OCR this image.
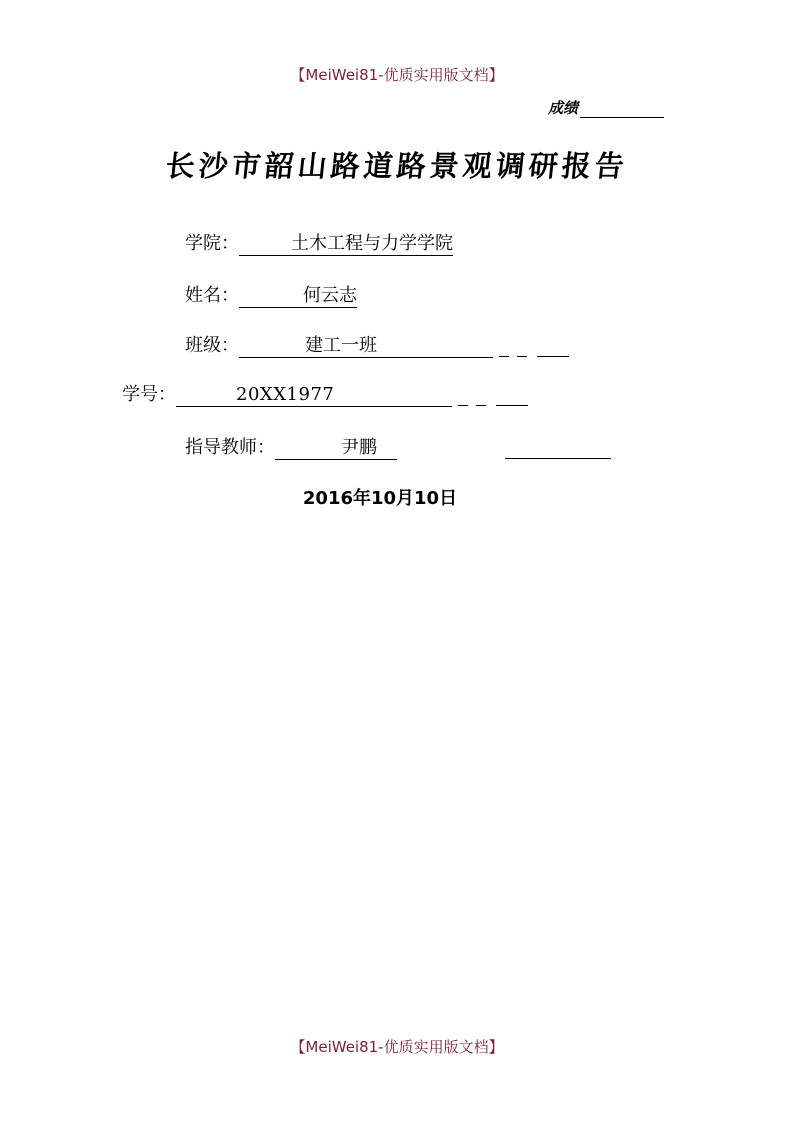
【MeiWei81-优质实用版文档】
成绩
长沙市韶山路道路景观调研报告
学院：	土木工程与力学学院
姓名：	何云志
班级：	建工一班
学号：	20XX1977
指导教师：	尹鹏
2016年10月10日
【MeiWei81-优质实用版文档】
